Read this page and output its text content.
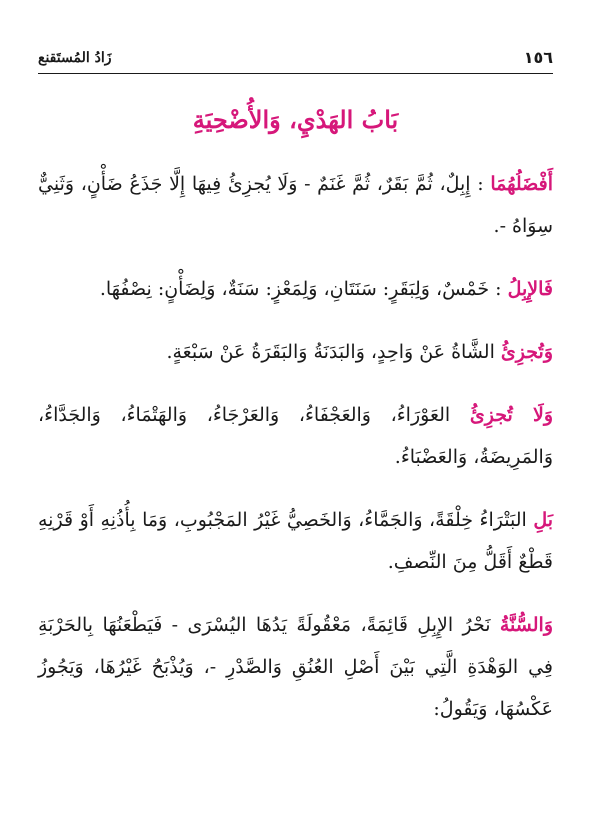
١٥٦
زَادُ المُستَقنع
بَابُ الهَدْيِ، وَالأُضْحِيَةِ

أَفْضَلُهُمَا : إِبِلٌ، ثُمَّ بَقَرٌ، ثُمَّ غَنَمٌ - وَلَا يُجزِئُ فِيهَا إِلَّا جَذَعُ ضَأْنٍ، وَثَنِيٌّ سِوَاهُ -.

فَالإِبِلُ : خَمْسٌ، وَلِبَقَرٍ: سَنَتَانِ، وَلِمَعْزٍ: سَنَةٌ، وَلِضَأْنٍ: نِصْفُهَا.

وَتُجزِئُ الشَّاةُ عَنْ وَاحِدٍ، وَالبَدَنَةُ وَالبَقَرَةُ عَنْ سَبْعَةٍ.

وَلَا تُجزِئُ العَوْرَاءُ، وَالعَجْفَاءُ، وَالعَرْجَاءُ، وَالهَتْمَاءُ، وَالجَدَّاءُ، وَالمَرِيضَةُ، وَالعَضْبَاءُ.

بَلِ البَتْرَاءُ خِلْقَةً، وَالجَمَّاءُ، وَالخَصِيُّ غَيْرُ المَجْبُوبِ، وَمَا بِأُذُنِهِ أَوْ قَرْنِهِ قَطْعٌ أَقَلُّ مِنَ النِّصفِ.

وَالسُّنَّةُ نَحْرُ الإِبِلِ قَائِمَةً، مَعْقُولَةً يَدُهَا اليُسْرَى - فَيَطْعَنُهَا بِالحَرْبَةِ فِي الوَهْدَةِ الَّتِي بَيْنَ أَصْلِ العُنُقِ وَالصَّدْرِ -، وَيُذْبَحُ غَيْرُهَا، وَيَجُوزُ عَكْسُهَا، وَيَقُولُ:
